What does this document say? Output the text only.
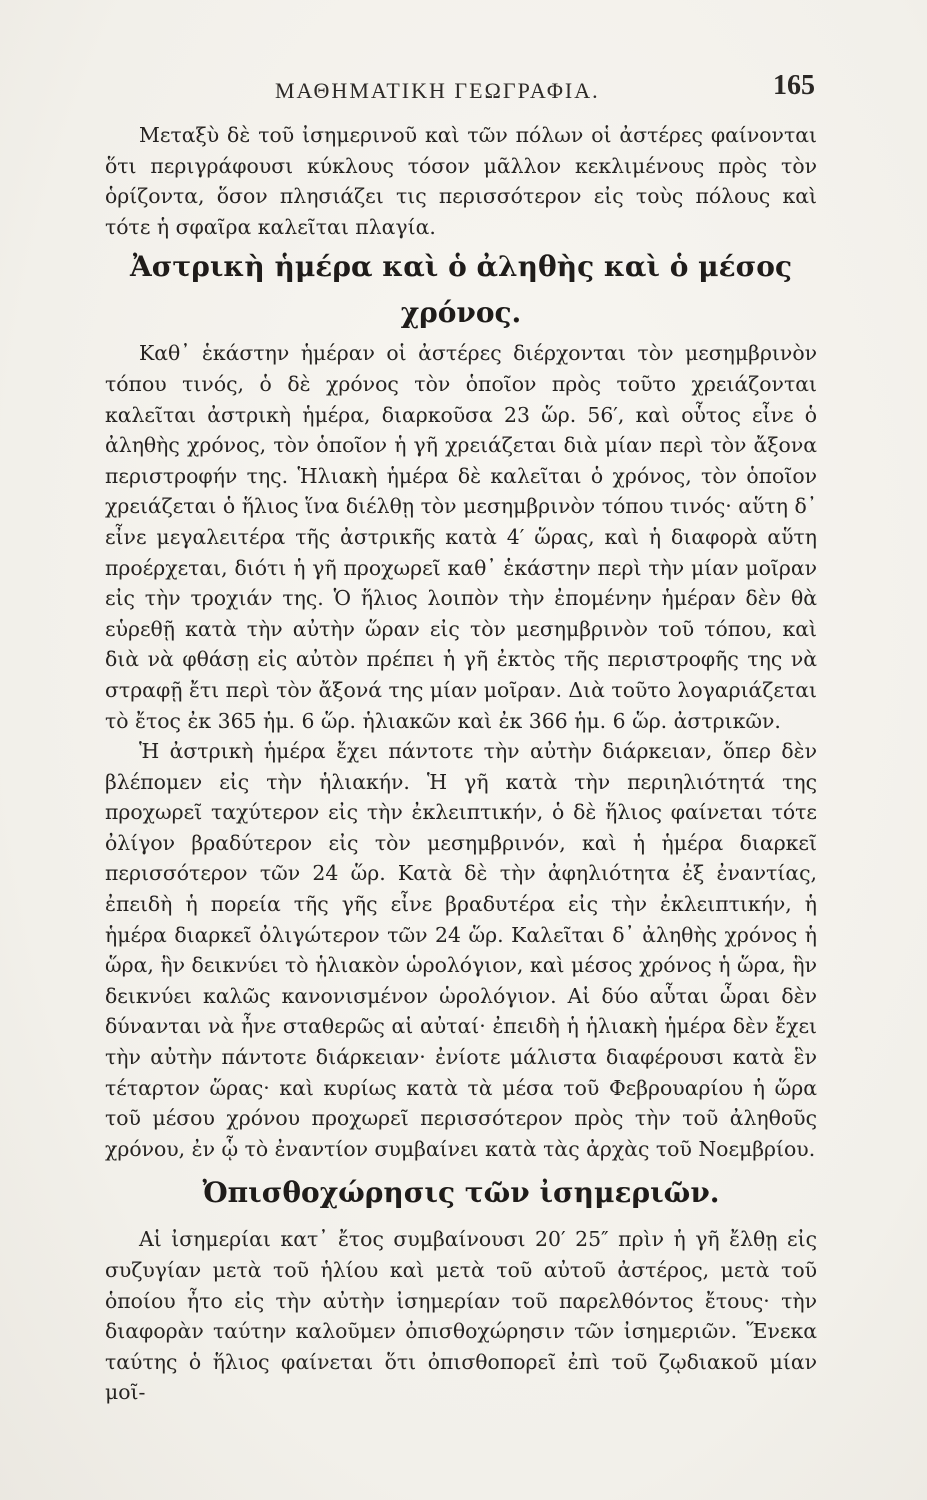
ΜΑΘΗΜΑΤΙΚΗ ΓΕΩΓΡΑΦΙΑ.	165

Μεταξὺ δὲ τοῦ ἰσημερινοῦ καὶ τῶν πόλων οἱ ἀστέρες φαίνονται ὅτι περιγράφουσι κύκλους τόσον μᾶλλον κεκλιμένους πρὸς τὸν ὁρίζοντα, ὅσον πλησιάζει τις περισσότερον εἰς τοὺς πόλους καὶ τότε ἡ σφαῖρα καλεῖται πλαγία.

Ἀστρικὴ ἡμέρα καὶ ὁ ἀληθὴς καὶ ὁ μέσος χρόνος.

Καθ᾿ ἑκάστην ἡμέραν οἱ ἀστέρες διέρχονται τὸν μεσημβρινὸν τόπου τινός, ὁ δὲ χρόνος τὸν ὁποῖον πρὸς τοῦτο χρειάζονται καλεῖται ἀστρικὴ ἡμέρα, διαρκοῦσα 23 ὥρ. 56′, καὶ οὗτος εἶνε ὁ ἀληθὴς χρόνος, τὸν ὁποῖον ἡ γῆ χρειάζεται διὰ μίαν περὶ τὸν ἄξονα περιστροφήν της. Ἡλιακὴ ἡμέρα δὲ καλεῖται ὁ χρόνος, τὸν ὁποῖον χρειάζεται ὁ ἥλιος ἵνα διέλθῃ τὸν μεσημβρινὸν τόπου τινός· αὕτη δ᾿ εἶνε μεγαλειτέρα τῆς ἀστρικῆς κατὰ 4′ ὥρας, καὶ ἡ διαφορὰ αὕτη προέρχεται, διότι ἡ γῆ προχωρεῖ καθ᾿ ἑκάστην περὶ τὴν μίαν μοῖραν εἰς τὴν τροχιάν της. Ὁ ἥλιος λοιπὸν τὴν ἐπομένην ἡμέραν δὲν θὰ εὑρεθῇ κατὰ τὴν αὐτὴν ὥραν εἰς τὸν μεσημβρινὸν τοῦ τόπου, καὶ διὰ νὰ φθάσῃ εἰς αὐτὸν πρέπει ἡ γῆ ἐκτὸς τῆς περιστροφῆς της νὰ στραφῇ ἔτι περὶ τὸν ἄξονά της μίαν μοῖραν. Διὰ τοῦτο λογαριάζεται τὸ ἔτος ἐκ 365 ἡμ. 6 ὥρ. ἡλιακῶν καὶ ἐκ 366 ἡμ. 6 ὥρ. ἀστρικῶν.

Ἡ ἀστρικὴ ἡμέρα ἔχει πάντοτε τὴν αὐτὴν διάρκειαν, ὅπερ δὲν βλέπομεν εἰς τὴν ἡλιακήν. Ἡ γῆ κατὰ τὴν περιηλιότητά της προχωρεῖ ταχύτερον εἰς τὴν ἐκλειπτικήν, ὁ δὲ ἥλιος φαίνεται τότε ὀλίγον βραδύτερον εἰς τὸν μεσημβρινόν, καὶ ἡ ἡμέρα διαρκεῖ περισσότερον τῶν 24 ὥρ. Κατὰ δὲ τὴν ἀφηλιότητα ἐξ ἐναντίας, ἐπειδὴ ἡ πορεία τῆς γῆς εἶνε βραδυτέρα εἰς τὴν ἐκλειπτικήν, ἡ ἡμέρα διαρκεῖ ὀλιγώτερον τῶν 24 ὥρ. Καλεῖται δ᾿ ἀληθὴς χρόνος ἡ ὥρα, ἣν δεικνύει τὸ ἡλιακὸν ὡρολόγιον, καὶ μέσος χρόνος ἡ ὥρα, ἣν δεικνύει καλῶς κανονισμένον ὡρολόγιον. Αἱ δύο αὗται ὧραι δὲν δύνανται νὰ ἦνε σταθερῶς αἱ αὐταί· ἐπειδὴ ἡ ἡλιακὴ ἡμέρα δὲν ἔχει τὴν αὐτὴν πάντοτε διάρκειαν· ἐνίοτε μάλιστα διαφέρουσι κατὰ ἓν τέταρτον ὥρας· καὶ κυρίως κατὰ τὰ μέσα τοῦ Φεβρουαρίου ἡ ὥρα τοῦ μέσου χρόνου προχωρεῖ περισσότερον πρὸς τὴν τοῦ ἀληθοῦς χρόνου, ἐν ᾧ τὸ ἐναντίον συμβαίνει κατὰ τὰς ἀρχὰς τοῦ Νοεμβρίου.

Ὀπισθοχώρησις τῶν ἰσημεριῶν.

Αἱ ἰσημερίαι κατ᾿ ἔτος συμβαίνουσι 20′ 25″ πρὶν ἡ γῆ ἔλθῃ εἰς συζυγίαν μετὰ τοῦ ἡλίου καὶ μετὰ τοῦ αὐτοῦ ἀστέρος, μετὰ τοῦ ὁποίου ἦτο εἰς τὴν αὐτὴν ἰσημερίαν τοῦ παρελθόντος ἔτους· τὴν διαφορὰν ταύτην καλοῦμεν ὀπισθοχώρησιν τῶν ἰσημεριῶν. Ἕνεκα ταύτης ὁ ἥλιος φαίνεται ὅτι ὀπισθοπορεῖ ἐπὶ τοῦ ζῳδιακοῦ μίαν μοῖ-
